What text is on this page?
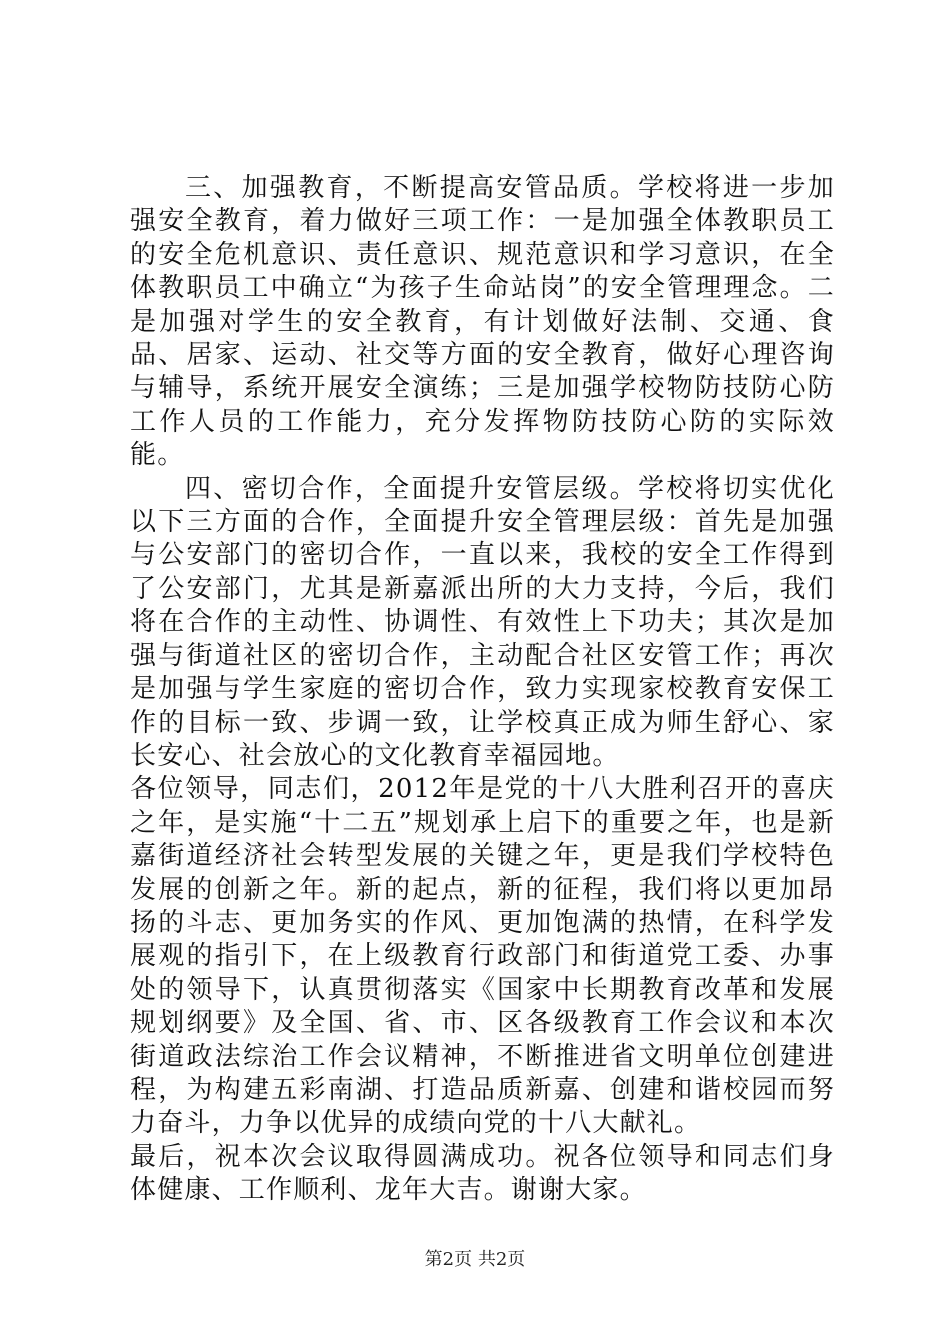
三、加强教育，不断提高安管品质。学校将进一步加强安全教育，着力做好三项工作：一是加强全体教职员工的安全危机意识、责任意识、规范意识和学习意识，在全体教职员工中确立“为孩子生命站岗”的安全管理理念。二是加强对学生的安全教育，有计划做好法制、交通、食品、居家、运动、社交等方面的安全教育，做好心理咨询与辅导，系统开展安全演练；三是加强学校物防技防心防工作人员的工作能力，充分发挥物防技防心防的实际效能。

四、密切合作，全面提升安管层级。学校将切实优化以下三方面的合作，全面提升安全管理层级：首先是加强与公安部门的密切合作，一直以来，我校的安全工作得到了公安部门，尤其是新嘉派出所的大力支持，今后，我们将在合作的主动性、协调性、有效性上下功夫；其次是加强与街道社区的密切合作，主动配合社区安管工作；再次是加强与学生家庭的密切合作，致力实现家校教育安保工作的目标一致、步调一致，让学校真正成为师生舒心、家长安心、社会放心的文化教育幸福园地。

各位领导，同志们，2012年是党的十八大胜利召开的喜庆之年，是实施“十二五”规划承上启下的重要之年，也是新嘉街道经济社会转型发展的关键之年，更是我们学校特色发展的创新之年。新的起点，新的征程，我们将以更加昂扬的斗志、更加务实的作风、更加饱满的热情，在科学发展观的指引下，在上级教育行政部门和街道党工委、办事处的领导下，认真贯彻落实《国家中长期教育改革和发展规划纲要》及全国、省、市、区各级教育工作会议和本次街道政法综治工作会议精神，不断推进省文明单位创建进程，为构建五彩南湖、打造品质新嘉、创建和谐校园而努力奋斗，力争以优异的成绩向党的十八大献礼。

最后，祝本次会议取得圆满成功。祝各位领导和同志们身体健康、工作顺利、龙年大吉。谢谢大家。

第2页 共2页
